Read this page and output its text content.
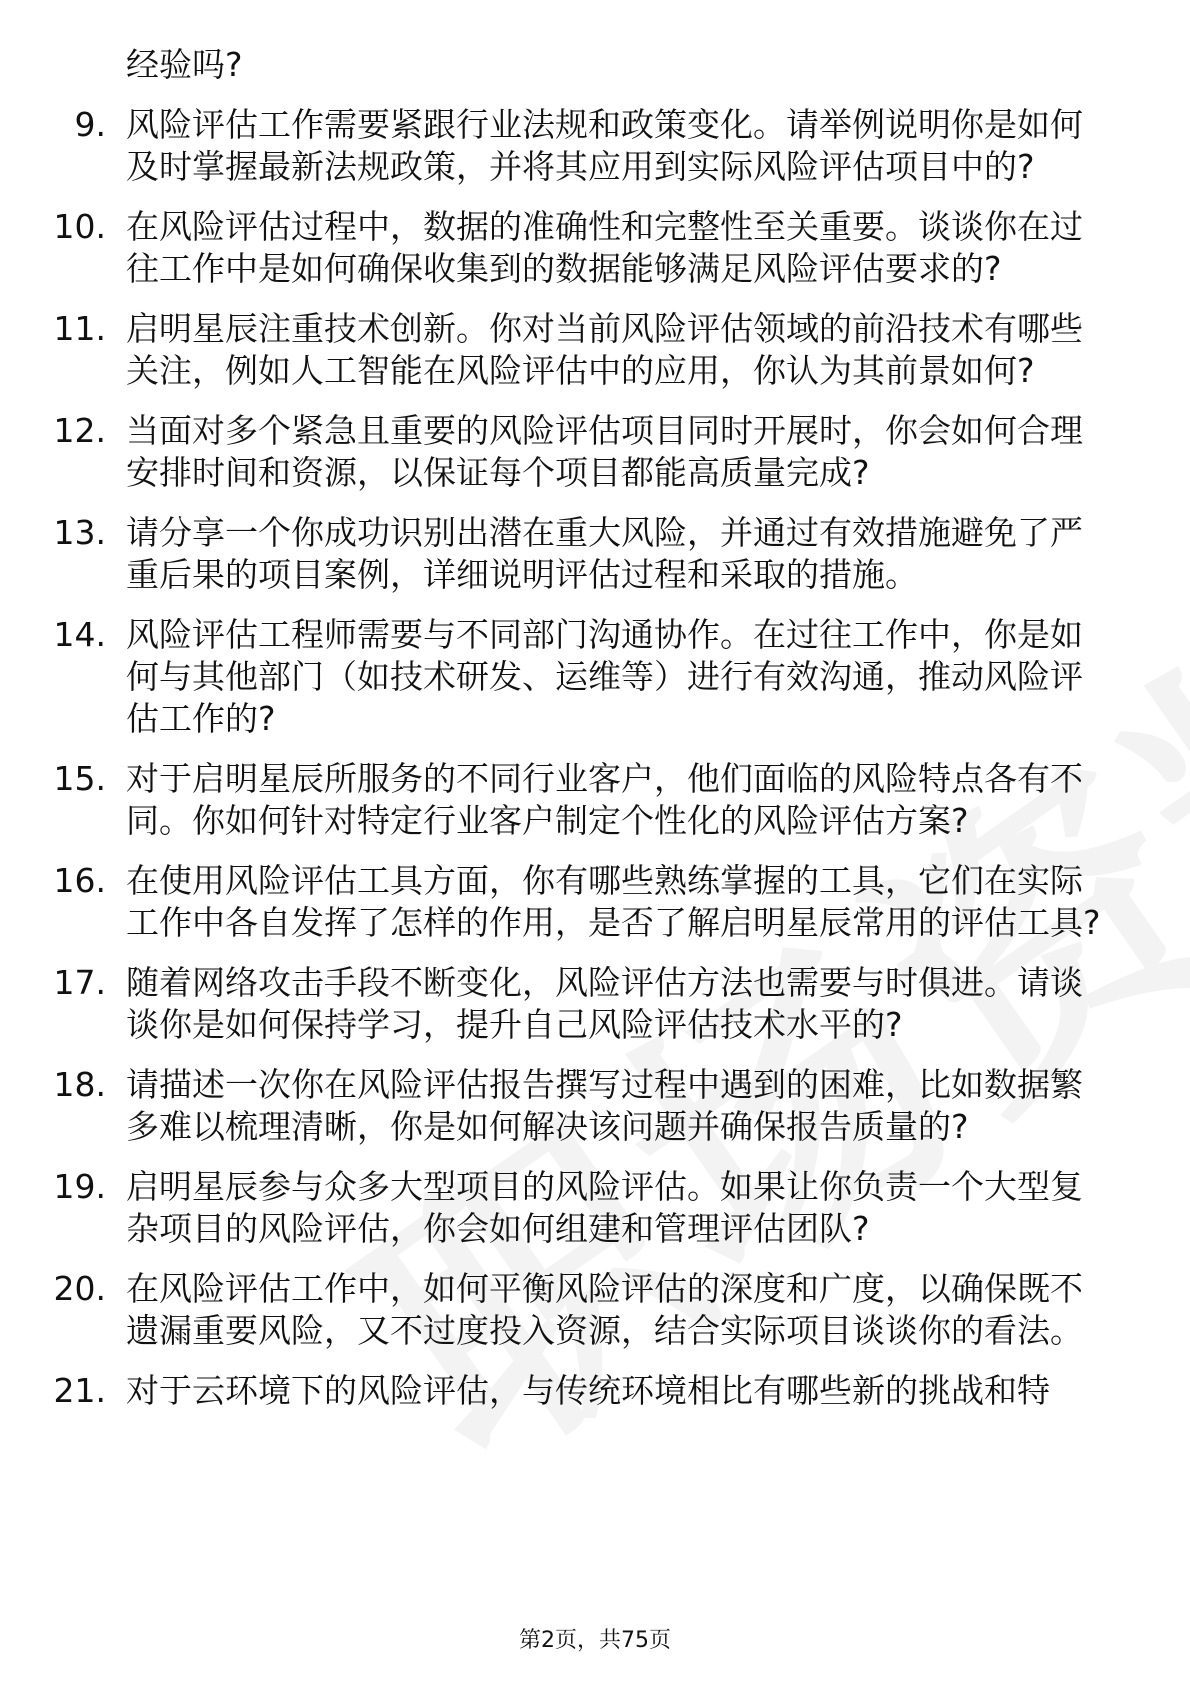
经验吗?
9. 风险评估工作需要紧跟行业法规和政策变化。请举例说明你是如何及时掌握最新法规政策，并将其应用到实际风险评估项目中的?
10. 在风险评估过程中，数据的准确性和完整性至关重要。谈谈你在过往工作中是如何确保收集到的数据能够满足风险评估要求的?
11. 启明星辰注重技术创新。你对当前风险评估领域的前沿技术有哪些关注，例如人工智能在风险评估中的应用，你认为其前景如何?
12. 当面对多个紧急且重要的风险评估项目同时开展时，你会如何合理安排时间和资源，以保证每个项目都能高质量完成?
13. 请分享一个你成功识别出潜在重大风险，并通过有效措施避免了严重后果的项目案例，详细说明评估过程和采取的措施。
14. 风险评估工程师需要与不同部门沟通协作。在过往工作中，你是如何与其他部门（如技术研发、运维等）进行有效沟通，推动风险评估工作的?
15. 对于启明星辰所服务的不同行业客户，他们面临的风险特点各有不同。你如何针对特定行业客户制定个性化的风险评估方案?
16. 在使用风险评估工具方面，你有哪些熟练掌握的工具，它们在实际工作中各自发挥了怎样的作用，是否了解启明星辰常用的评估工具?
17. 随着网络攻击手段不断变化，风险评估方法也需要与时俱进。请谈谈你是如何保持学习，提升自己风险评估技术水平的?
18. 请描述一次你在风险评估报告撰写过程中遇到的困难，比如数据繁多难以梳理清晰，你是如何解决该问题并确保报告质量的?
19. 启明星辰参与众多大型项目的风险评估。如果让你负责一个大型复杂项目的风险评估，你会如何组建和管理评估团队?
20. 在风险评估工作中，如何平衡风险评估的深度和广度，以确保既不遗漏重要风险，又不过度投入资源，结合实际项目谈谈你的看法。
21. 对于云环境下的风险评估，与传统环境相比有哪些新的挑战和特
第2页，共75页
